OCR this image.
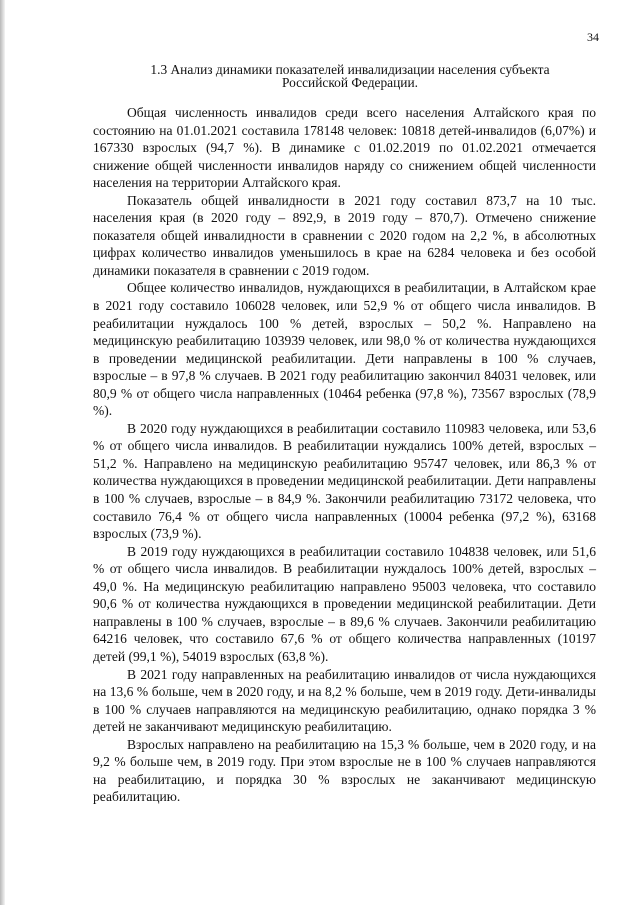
34
1.3 Анализ динамики показателей инвалидизации населения субъекта
Российской Федерации.

Общая численность инвалидов среди всего населения Алтайского края по состоянию на 01.01.2021 составила 178148 человек: 10818 детей-инвалидов (6,07%) и 167330 взрослых (94,7 %). В динамике с 01.02.2019 по 01.02.2021 отмечается снижение общей численности инвалидов наряду со снижением общей численности населения на территории Алтайского края.

Показатель общей инвалидности в 2021 году составил 873,7 на 10 тыс. населения края (в 2020 году – 892,9, в 2019 году – 870,7). Отмечено снижение показателя общей инвалидности в сравнении с 2020 годом на 2,2 %, в абсолютных цифрах количество инвалидов уменьшилось в крае на 6284 человека и без особой динамики показателя в сравнении с 2019 годом.

Общее количество инвалидов, нуждающихся в реабилитации, в Алтайском крае в 2021 году составило 106028 человек, или 52,9 % от общего числа инвалидов. В реабилитации нуждалось 100 % детей, взрослых – 50,2 %. Направлено на медицинскую реабилитацию 103939 человек, или 98,0 % от количества нуждающихся в проведении медицинской реабилитации. Дети направлены в 100 % случаев, взрослые – в 97,8 % случаев. В 2021 году реабилитацию закончил 84031 человек, или 80,9 % от общего числа направленных (10464 ребенка (97,8 %), 73567 взрослых (78,9 %).

В 2020 году нуждающихся в реабилитации составило 110983 человека, или 53,6 % от общего числа инвалидов. В реабилитации нуждались 100% детей, взрослых – 51,2 %. Направлено на медицинскую реабилитацию 95747 человек, или 86,3 % от количества нуждающихся в проведении медицинской реабилитации. Дети направлены в 100 % случаев, взрослые – в 84,9 %. Закончили реабилитацию 73172 человека, что составило 76,4 % от общего числа направленных (10004 ребенка (97,2 %), 63168 взрослых (73,9 %).

В 2019 году нуждающихся в реабилитации составило 104838 человек, или 51,6 % от общего числа инвалидов. В реабилитации нуждалось 100% детей, взрослых – 49,0 %. На медицинскую реабилитацию направлено 95003 человека, что составило 90,6 % от количества нуждающихся в проведении медицинской реабилитации. Дети направлены в 100 % случаев, взрослые – в 89,6 % случаев. Закончили реабилитацию 64216 человек, что составило 67,6 % от общего количества направленных (10197 детей (99,1 %), 54019 взрослых (63,8 %).

В 2021 году направленных на реабилитацию инвалидов от числа нуждающихся на 13,6 % больше, чем в 2020 году, и на 8,2 % больше, чем в 2019 году. Дети-инвалиды в 100 % случаев направляются на медицинскую реабилитацию, однако порядка 3 % детей не заканчивают медицинскую реабилитацию.

Взрослых направлено на реабилитацию на 15,3 % больше, чем в 2020 году, и на 9,2 % больше чем, в 2019 году. При этом взрослые не в 100 % случаев направляются на реабилитацию, и порядка 30 % взрослых не заканчивают медицинскую реабилитацию.
